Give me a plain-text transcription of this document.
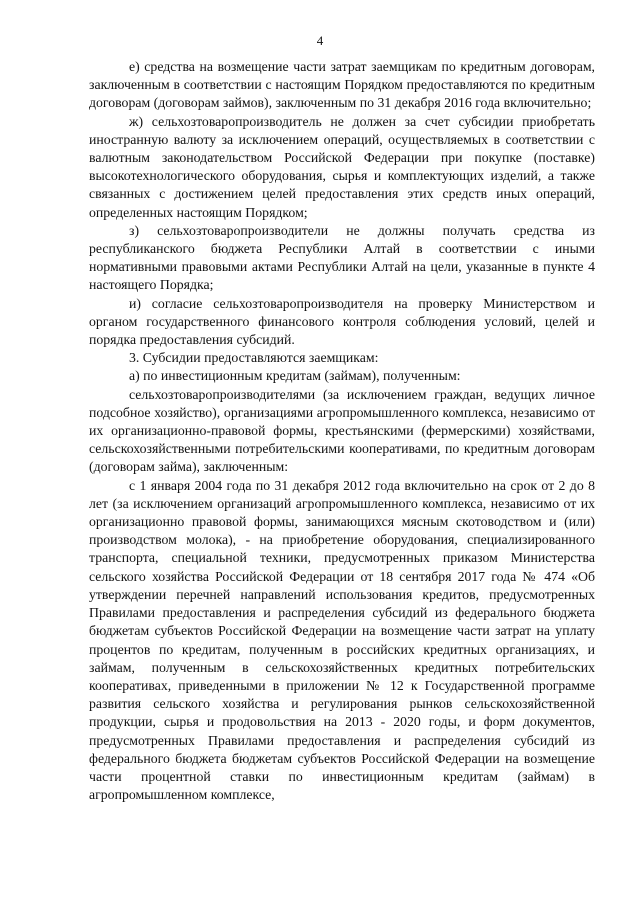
4

е) средства на возмещение части затрат заемщикам по кредитным договорам, заключенным в соответствии с настоящим Порядком предоставляются по кредитным договорам (договорам займов), заключенным по 31 декабря 2016 года включительно;

ж) сельхозтоваропроизводитель не должен за счет субсидии приобретать иностранную валюту за исключением операций, осуществляемых в соответствии с валютным законодательством Российской Федерации при покупке (поставке) высокотехнологического оборудования, сырья и комплектующих изделий, а также связанных с достижением целей предоставления этих средств иных операций, определенных настоящим Порядком;

з) сельхозтоваропроизводители не должны получать средства из республиканского бюджета Республики Алтай в соответствии с иными нормативными правовыми актами Республики Алтай на цели, указанные в пункте 4 настоящего Порядка;

и) согласие сельхозтоваропроизводителя на проверку Министерством и органом государственного финансового контроля соблюдения условий, целей и порядка предоставления субсидий.

3. Субсидии предоставляются заемщикам:

а) по инвестиционным кредитам (займам), полученным:

сельхозтоваропроизводителями (за исключением граждан, ведущих личное подсобное хозяйство), организациями агропромышленного комплекса, независимо от их организационно-правовой формы, крестьянскими (фермерскими) хозяйствами, сельскохозяйственными потребительскими кооперативами, по кредитным договорам (договорам займа), заключенным:

с 1 января 2004 года по 31 декабря 2012 года включительно на срок от 2 до 8 лет (за исключением организаций агропромышленного комплекса, независимо от их организационно правовой формы, занимающихся мясным скотоводством и (или) производством молока), - на приобретение оборудования, специализированного транспорта, специальной техники, предусмотренных приказом Министерства сельского хозяйства Российской Федерации от 18 сентября 2017 года № 474 «Об утверждении перечней направлений использования кредитов, предусмотренных Правилами предоставления и распределения субсидий из федерального бюджета бюджетам субъектов Российской Федерации на возмещение части затрат на уплату процентов по кредитам, полученным в российских кредитных организациях, и займам, полученным в сельскохозяйственных кредитных потребительских кооперативах, приведенными в приложении № 12 к Государственной программе развития сельского хозяйства и регулирования рынков сельскохозяйственной продукции, сырья и продовольствия на 2013 - 2020 годы, и форм документов, предусмотренных Правилами предоставления и распределения субсидий из федерального бюджета бюджетам субъектов Российской Федерации на возмещение части процентной ставки по инвестиционным кредитам (займам) в агропромышленном комплексе,
